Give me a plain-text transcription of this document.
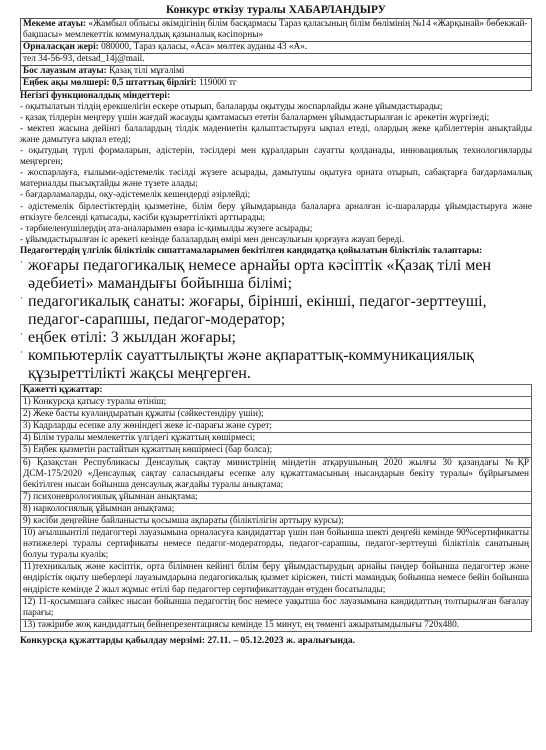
Конкурс өткізу туралы ХАБАРЛАНДЫРУ
Мекеме атауы: «Жамбыл облысы әкімдігінің білім басқармасы Тараз қаласының білім бөлімінің №14 «Жарқынай» бөбекжай-бақшасы» мемлекеттік коммуналдық қазыналық кәсіпорны»
Орналасқан жері: 080000, Тараз қаласы, «Аса» мөлтек ауданы 43 «А».
тел 34-56-93, detsad_14j@mail.
Бос лауазым атауы: Қазақ тілі мұғалімі
Еңбек ақы мөлшері: 0,5 штаттық бірлігі: 119000 тг

Негізгі функционалдық міндеттері:

- оқытылатын тілдің ерекшелігін ескере отырып, балаларды оқытуды жоспарлайды және ұйымдастырады;

- қазақ тілдерін меңгеру үшін жағдай жасауды қамтамасыз ететін балалармен ұйымдастырылған іс әрекетін жүргізеді;

- мектеп жасына дейінгі балалардың тілдік мәдениетін қалыптастыруға ықпал етеді, олардың жеке қабілеттерін анықтайды және дамытуға ықпал етеді;

- оқытудың түрлі формаларын, әдістерін, тәсілдері мен құралдарын сауатты қолданады, инновациялық технологияларды меңгерген;

- жоспарлауға, ғылыми-әдістемелік тәсілді жүзеге асырады, дамытушы оқытуға орната отырып, сабақтарға бағдарламалық материалды пысықтайды және түзете алады;

- бағдарламаларды, оқу-әдістемелік кешендерді әзірлейді;

- әдістемелік бірлестіктердің қызметіне, білім беру ұйымдарында балаларға арналған іс-шараларды ұйымдастыруға және өткізуге белсенді қатысады, кәсіби құзыреттілікті арттырады;

- тәрбиеленушілердің ата-аналарымен өзара іс-қимылды жүзеге асырады;

- ұйымдастырылған іс әрекеті кезінде балалардың өмірі мен денсаулығын қорғауға жауап береді.

Педагогтердің үлгілік біліктілік сипаттамаларымен бекітілген кандидатқа қойылатын біліктілік талаптары:

· жоғары педагогикалық немесе арнайы орта кәсіптік «Қазақ тілі мен әдебиеті» мамандығы бойынша білімі;
· педагогикалық санаты: жоғары, бірінші, екінші, педагог-зерттеуші, педагог-сарапшы, педагог-модератор;
· еңбек өтілі: 3 жылдан жоғары;
· компьютерлік сауаттылықты және ақпараттық-коммуникациялық құзыреттілікті жақсы меңгерген.
Қажетті құжаттар:
1) Конкурсқа қатысу туралы өтініш;
2) Жеке басты куәландыратын құжаты (сәйкестендіру үшін);
3) Кадрларды есепке алу жөніндегі жеке іс-парағы және сурет;
4) Білім туралы мемлекеттік үлгідегі құжаттың көшірмесі;
5) Еңбек қызметін растайтын құжаттың көшірмесі (бар болса);
6) Қазақстан Республикасы Денсаулық сақтау министрінің міндетін атқарушының 2020 жылғы 30 қазандағы №ҚР ДСМ-175/2020 «Денсаулық сақтау саласындағы есепке алу құжаттамасының нысандарын бекіту туралы» бұйрығымен бекітілген нысан бойынша денсаулық жағдайы туралы анықтама;
7) психоневрологиялық ұйымнан анықтама;
8) наркологиялық ұйымнан анықтама;
9) кәсіби деңгейіне байланысты қосымша ақпараты (біліктілігін арттыру курсы);
10) ағылшынтілі педагогтері лауазымына орналасуға кандидаттар үшін пән бойынша шекті деңгейі кемінде 90%сертификатты нәтижелері туралы сертификаты немесе педагог-модераторды, педагог-сарапшы, педагог-зерттеуші біліктілік санатының болуы туралы куәлік;
11)техникалық және кәсіптік, орта білімнен кейінгі білім беру ұйымдастырудың арнайы пәндер бойынша педагогтер және өндірістік оқыту шеберлері лауазымдарына педагогикалық қызмет кірісжен, тиісті мамандық бойынша немесе бейін бойынша өндірісте кемінде 2 жыл жұмыс өтілі бар педагогтер сертификаттаудан өтуден босатылады;
12) 11-қосымшаға сәйкес нысан бойынша педагогтің бос немесе уақытша бос лауазымына кандидаттың толтырылған бағалау парағы;
13) тәжірибе жоқ кандидаттың бейнепрезентациясы кемінде 15 минут, ең төменгі ажыратымдылығы 720х480.

Конкурсқа құжаттарды қабылдау мерзімі: 27.11. – 05.12.2023 ж. аралығында.
